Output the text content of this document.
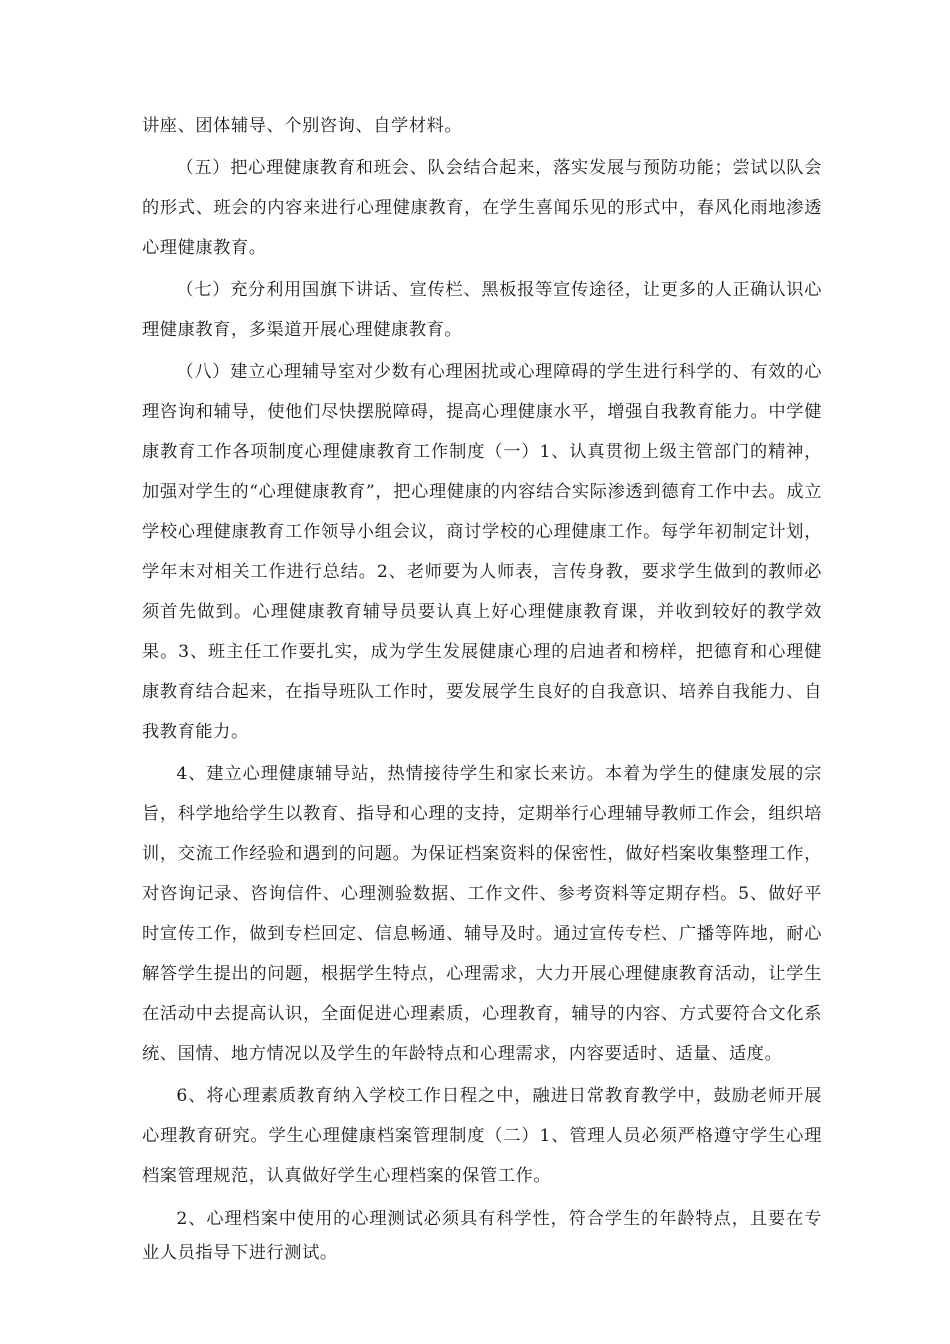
讲座、团体辅导、个别咨询、自学材料。

（五）把心理健康教育和班会、队会结合起来，落实发展与预防功能；尝试以队会的形式、班会的内容来进行心理健康教育，在学生喜闻乐见的形式中，春风化雨地渗透心理健康教育。

（七）充分利用国旗下讲话、宣传栏、黑板报等宣传途径，让更多的人正确认识心理健康教育，多渠道开展心理健康教育。

（八）建立心理辅导室对少数有心理困扰或心理障碍的学生进行科学的、有效的心理咨询和辅导，使他们尽快摆脱障碍，提高心理健康水平，增强自我教育能力。中学健康教育工作各项制度心理健康教育工作制度（一）1、认真贯彻上级主管部门的精神，加强对学生的“心理健康教育”，把心理健康的内容结合实际渗透到德育工作中去。成立学校心理健康教育工作领导小组会议，商讨学校的心理健康工作。每学年初制定计划，学年末对相关工作进行总结。2、老师要为人师表，言传身教，要求学生做到的教师必须首先做到。心理健康教育辅导员要认真上好心理健康教育课，并收到较好的教学效果。3、班主任工作要扎实，成为学生发展健康心理的启迪者和榜样，把德育和心理健康教育结合起来，在指导班队工作时，要发展学生良好的自我意识、培养自我能力、自我教育能力。

4、建立心理健康辅导站，热情接待学生和家长来访。本着为学生的健康发展的宗旨，科学地给学生以教育、指导和心理的支持，定期举行心理辅导教师工作会，组织培训，交流工作经验和遇到的问题。为保证档案资料的保密性，做好档案收集整理工作，对咨询记录、咨询信件、心理测验数据、工作文件、参考资料等定期存档。5、做好平时宣传工作，做到专栏回定、信息畅通、辅导及时。通过宣传专栏、广播等阵地，耐心解答学生提出的问题，根据学生特点，心理需求，大力开展心理健康教育活动，让学生在活动中去提高认识，全面促进心理素质，心理教育，辅导的内容、方式要符合文化系统、国情、地方情况以及学生的年龄特点和心理需求，内容要适时、适量、适度。

6、将心理素质教育纳入学校工作日程之中，融进日常教育教学中，鼓励老师开展心理教育研究。学生心理健康档案管理制度（二）1、管理人员必须严格遵守学生心理档案管理规范，认真做好学生心理档案的保管工作。

2、心理档案中使用的心理测试必须具有科学性，符合学生的年龄特点，且要在专业人员指导下进行测试。
